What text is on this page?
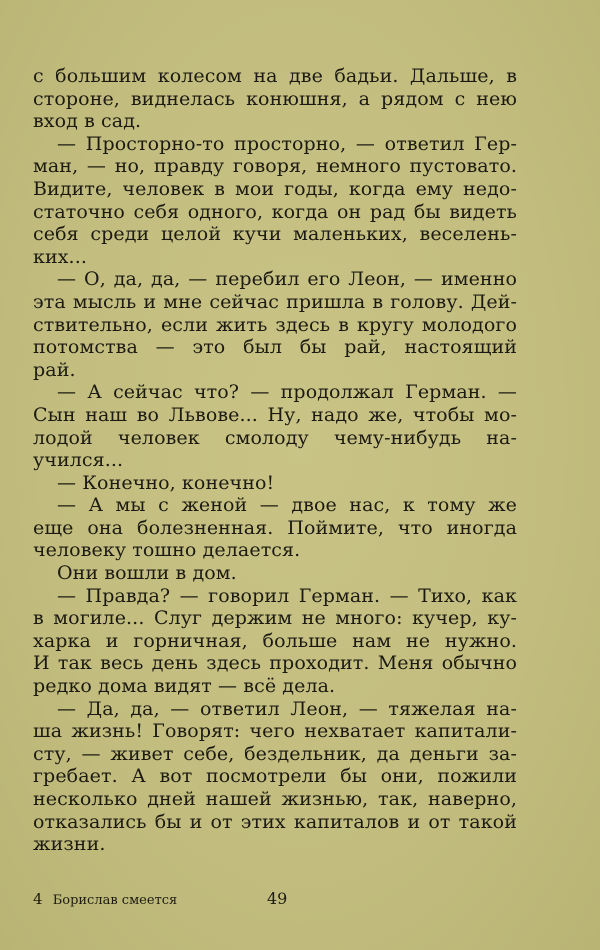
с большим колесом на две бадьи. Дальше, в
стороне, виднелась конюшня, а рядом с нею
вход в сад.
— Просторно-то просторно, — ответил Гер-
ман, — но, правду говоря, немного пустовато.
Видите, человек в мои годы, когда ему недо-
статочно себя одного, когда он рад бы видеть
себя среди целой кучи маленьких, веселень-
ких...
— О, да, да, — перебил его Леон, — именно
эта мысль и мне сейчас пришла в голову. Дей-
ствительно, если жить здесь в кругу молодого
потомства — это был бы рай, настоящий
рай.
— А сейчас что? — продолжал Герман. —
Сын наш во Львове... Ну, надо же, чтобы мо-
лодой человек смолоду чему-нибудь на-
учился...
— Конечно, конечно!
— А мы с женой — двое нас, к тому же
еще она болезненная. Поймите, что иногда
человеку тошно делается.
Они вошли в дом.
— Правда? — говорил Герман. — Тихо, как
в могиле... Слуг держим не много: кучер, ку-
харка и горничная, больше нам не нужно.
И так весь день здесь проходит. Меня обычно
редко дома видят — всё дела.
— Да, да, — ответил Леон, — тяжелая на-
ша жизнь! Говорят: чего нехватает капитали-
сту, — живет себе, бездельник, да деньги за-
гребает. А вот посмотрели бы они, пожили
несколько дней нашей жизнью, так, наверно,
отказались бы и от этих капиталов и от такой
жизни.
4 Борислав смеется	49
